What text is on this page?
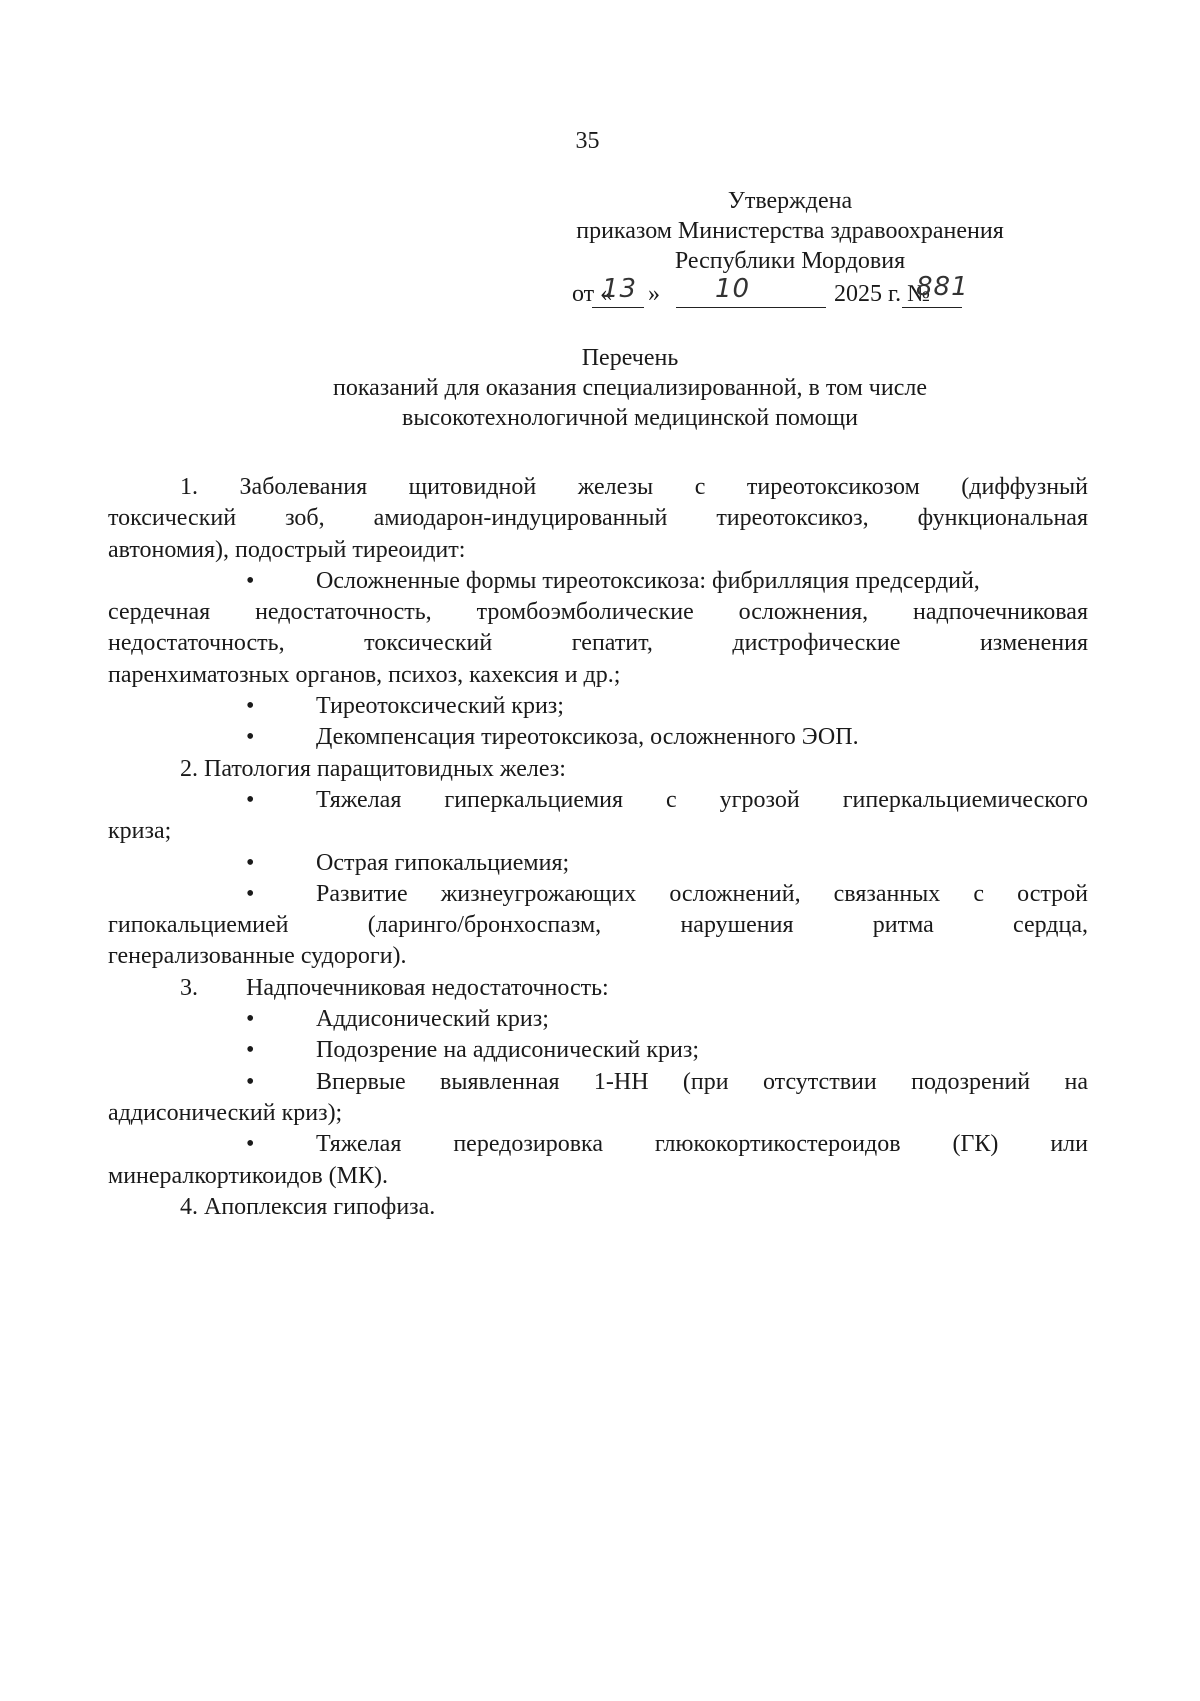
35
Утверждена
приказом Министерства здравоохранения
Республики Мордовия
от «
13 » 10	2025 г. №
881
Перечень
показаний для оказания специализированной, в том числе
высокотехнологичной медицинской помощи
1. Заболевания щитовидной железы с тиреотоксикозом (диффузный
токсический зоб, амиодарон-индуцированный тиреотоксикоз, функциональная
автономия), подострый тиреоидит:
•	Осложненные формы тиреотоксикоза: фибрилляция предсердий,
сердечная недостаточность, тромбоэмболические осложнения, надпочечниковая
недостаточность, токсический гепатит, дистрофические изменения
паренхиматозных органов, психоз, кахексия и др.;
•	Тиреотоксический криз;
•	Декомпенсация тиреотоксикоза, осложненного ЭОП.
2. Патология паращитовидных желез:
•	Тяжелая гиперкальциемия с угрозой гиперкальциемического
криза;
•	Острая гипокальциемия;
•	Развитие жизнеугрожающих осложнений, связанных с острой
гипокальциемией (ларинго/бронхоспазм, нарушения ритма сердца,
генерализованные судороги).
3. Надпочечниковая недостаточность:
•	Аддисонический криз;
•	Подозрение на аддисонический криз;
•	Впервые выявленная 1-НН (при отсутствии подозрений на
аддисонический криз);
•	Тяжелая передозировка глюкокортикостероидов (ГК) или
минералкортикоидов (МК).
4. Апоплексия гипофиза.
